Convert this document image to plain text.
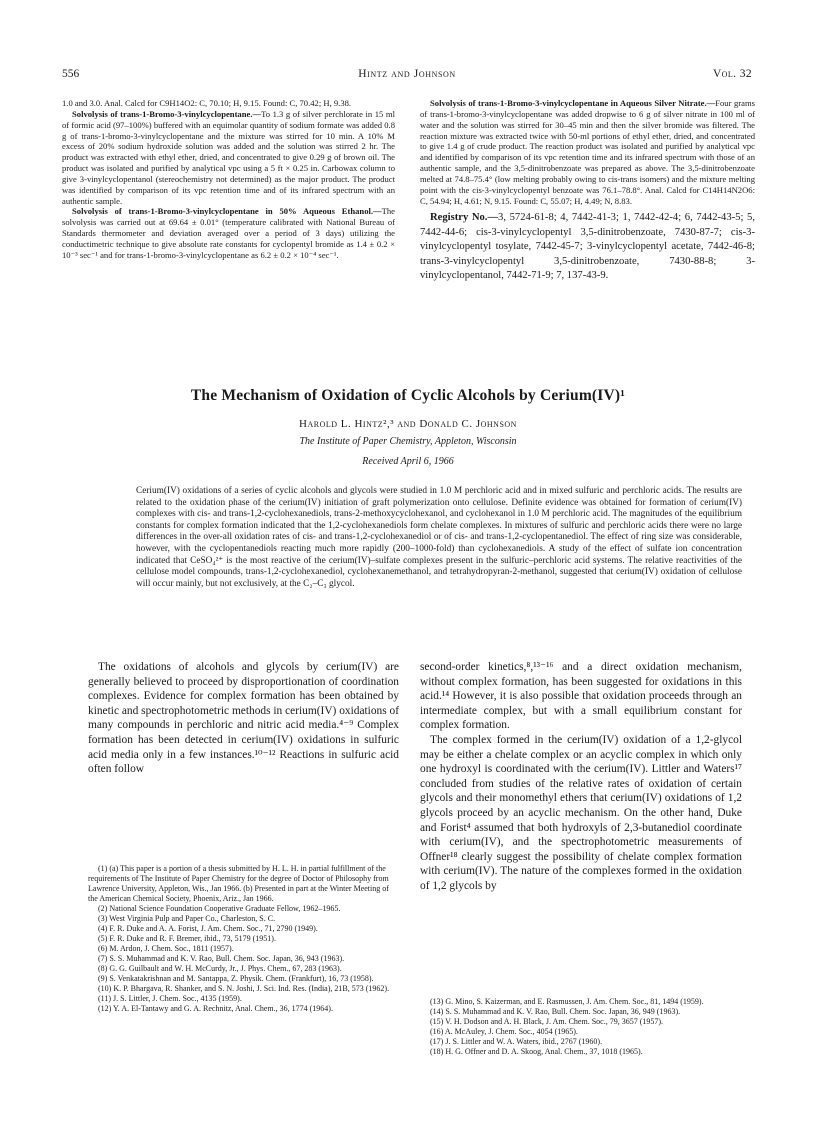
556	Hintz and Johnson	Vol. 32

1.0 and 3.0. Anal. Calcd for C9H14O2: C, 70.10; H, 9.15. Found: C, 70.42; H, 9.38.

Solvolysis of trans-1-Bromo-3-vinylcyclopentane.—To 1.3 g of silver perchlorate in 15 ml of formic acid (97–100%) buffered with an equimolar quantity of sodium formate was added 0.8 g of trans-1-bromo-3-vinylcyclopentane and the mixture was stirred for 10 min. A 10% M excess of 20% sodium hydroxide solution was added and the solution was stirred 2 hr. The product was extracted with ethyl ether, dried, and concentrated to give 0.29 g of brown oil. The product was isolated and purified by analytical vpc using a 5 ft × 0.25 in. Carbowax column to give 3-vinylcyclopentanol (stereochemistry not determined) as the major product. The product was identified by comparison of its vpc retention time and of its infrared spectrum with an authentic sample.

Solvolysis of trans-1-Bromo-3-vinylcyclopentane in 50% Aqueous Ethanol.—The solvolysis was carried out at 69.64 ± 0.01° (temperature calibrated with National Bureau of Standards thermometer and deviation averaged over a period of 3 days) utilizing the conductimetric technique to give absolute rate constants for cyclopentyl bromide as 1.4 ± 0.2 × 10⁻³ sec⁻¹ and for trans-1-bromo-3-vinylcyclopentane as 6.2 ± 0.2 × 10⁻⁴ sec⁻¹.

Solvolysis of trans-1-Bromo-3-vinylcyclopentane in Aqueous Silver Nitrate.—Four grams of trans-1-bromo-3-vinylcyclopentane was added dropwise to 6 g of silver nitrate in 100 ml of water and the solution was stirred for 30–45 min and then the silver bromide was filtered. The reaction mixture was extracted twice with 50-ml portions of ethyl ether, dried, and concentrated to give 1.4 g of crude product. The reaction product was isolated and purified by analytical vpc and identified by comparison of its vpc retention time and its infrared spectrum with those of an authentic sample, and the 3,5-dinitrobenzoate was prepared as above. The 3,5-dinitrobenzoate melted at 74.8–75.4° (low melting probably owing to cis-trans isomers) and the mixture melting point with the cis-3-vinylcyclopentyl benzoate was 76.1–78.8°. Anal. Calcd for C14H14N2O6: C, 54.94; H, 4.61; N, 9.15. Found: C, 55.07; H, 4.49; N, 8.83.

Registry No.—3, 5724-61-8; 4, 7442-41-3; 1, 7442-42-4; 6, 7442-43-5; 5, 7442-44-6; cis-3-vinylcyclopentyl 3,5-dinitrobenzoate, 7430-87-7; cis-3-vinylcyclopentyl tosylate, 7442-45-7; 3-vinylcyclopentyl acetate, 7442-46-8; trans-3-vinylcyclopentyl 3,5-dinitrobenzoate, 7430-88-8; 3-vinylcyclopentanol, 7442-71-9; 7, 137-43-9.

The Mechanism of Oxidation of Cyclic Alcohols by Cerium(IV)¹
Harold L. Hintz²,³ and Donald C. Johnson
The Institute of Paper Chemistry, Appleton, Wisconsin
Received April 6, 1966
Cerium(IV) oxidations of a series of cyclic alcohols and glycols were studied in 1.0 M perchloric acid and in mixed sulfuric and perchloric acids. The results are related to the oxidation phase of the cerium(IV) initiation of graft polymerization onto cellulose. Definite evidence was obtained for formation of cerium(IV) complexes with cis- and trans-1,2-cyclohexanediols, trans-2-methoxycyclohexanol, and cyclohexanol in 1.0 M perchloric acid. The magnitudes of the equilibrium constants for complex formation indicated that the 1,2-cyclohexanediols form chelate complexes. In mixtures of sulfuric and perchloric acids there were no large differences in the over-all oxidation rates of cis- and trans-1,2-cyclohexanediol or of cis- and trans-1,2-cyclopentanediol. The effect of ring size was considerable, however, with the cyclopentanediols reacting much more rapidly (200–1000-fold) than cyclohexanediols. A study of the effect of sulfate ion concentration indicated that CeSO₄²⁺ is the most reactive of the cerium(IV)–sulfate complexes present in the sulfuric–perchloric acid systems. The relative reactivities of the cellulose model compounds, trans-1,2-cyclohexanediol, cyclohexanemethanol, and tetrahydropyran-2-methanol, suggested that cerium(IV) oxidation of cellulose will occur mainly, but not exclusively, at the C₂–C₃ glycol.

The oxidations of alcohols and glycols by cerium(IV) are generally believed to proceed by disproportionation of coordination complexes. Evidence for complex formation has been obtained by kinetic and spectrophotometric methods in cerium(IV) oxidations of many compounds in perchloric and nitric acid media.⁴⁻⁹ Complex formation has been detected in cerium(IV) oxidations in sulfuric acid media only in a few instances.¹⁰⁻¹² Reactions in sulfuric acid often follow

second-order kinetics,⁸,¹³⁻¹⁶ and a direct oxidation mechanism, without complex formation, has been suggested for oxidations in this acid.¹⁴ However, it is also possible that oxidation proceeds through an intermediate complex, but with a small equilibrium constant for complex formation.

The complex formed in the cerium(IV) oxidation of a 1,2-glycol may be either a chelate complex or an acyclic complex in which only one hydroxyl is coordinated with the cerium(IV). Littler and Waters¹⁷ concluded from studies of the relative rates of oxidation of certain glycols and their monomethyl ethers that cerium(IV) oxidations of 1,2 glycols proceed by an acyclic mechanism. On the other hand, Duke and Forist⁴ assumed that both hydroxyls of 2,3-butanediol coordinate with cerium(IV), and the spectrophotometric measurements of Offner¹⁸ clearly suggest the possibility of chelate complex formation with cerium(IV). The nature of the complexes formed in the oxidation of 1,2 glycols by

(1) (a) This paper is a portion of a thesis submitted by H. L. H. in partial fulfillment of the requirements of The Institute of Paper Chemistry for the degree of Doctor of Philosophy from Lawrence University, Appleton, Wis., Jan 1966. (b) Presented in part at the Winter Meeting of the American Chemical Society, Phoenix, Ariz., Jan 1966.

(2) National Science Foundation Cooperative Graduate Fellow, 1962–1965.

(3) West Virginia Pulp and Paper Co., Charleston, S. C.

(4) F. R. Duke and A. A. Forist, J. Am. Chem. Soc., 71, 2790 (1949).

(5) F. R. Duke and R. F. Bremer, ibid., 73, 5179 (1951).

(6) M. Ardon, J. Chem. Soc., 1811 (1957).

(7) S. S. Muhammad and K. V. Rao, Bull. Chem. Soc. Japan, 36, 943 (1963).

(8) G. G. Guilbault and W. H. McCurdy, Jr., J. Phys. Chem., 67, 283 (1963).

(9) S. Venkatakrishnan and M. Santappa, Z. Physik. Chem. (Frankfurt), 16, 73 (1958).

(10) K. P. Bhargava, R. Shanker, and S. N. Joshi, J. Sci. Ind. Res. (India), 21B, 573 (1962).

(11) J. S. Littler, J. Chem. Soc., 4135 (1959).

(12) Y. A. El-Tantawy and G. A. Rechnitz, Anal. Chem., 36, 1774 (1964).

(13) G. Mino, S. Kaizerman, and E. Rasmussen, J. Am. Chem. Soc., 81, 1494 (1959).

(14) S. S. Muhammad and K. V. Rao, Bull. Chem. Soc. Japan, 36, 949 (1963).

(15) V. H. Dodson and A. H. Black, J. Am. Chem. Soc., 79, 3657 (1957).

(16) A. McAuley, J. Chem. Soc., 4054 (1965).

(17) J. S. Littler and W. A. Waters, ibid., 2767 (1960).

(18) H. G. Offner and D. A. Skoog, Anal. Chem., 37, 1018 (1965).
